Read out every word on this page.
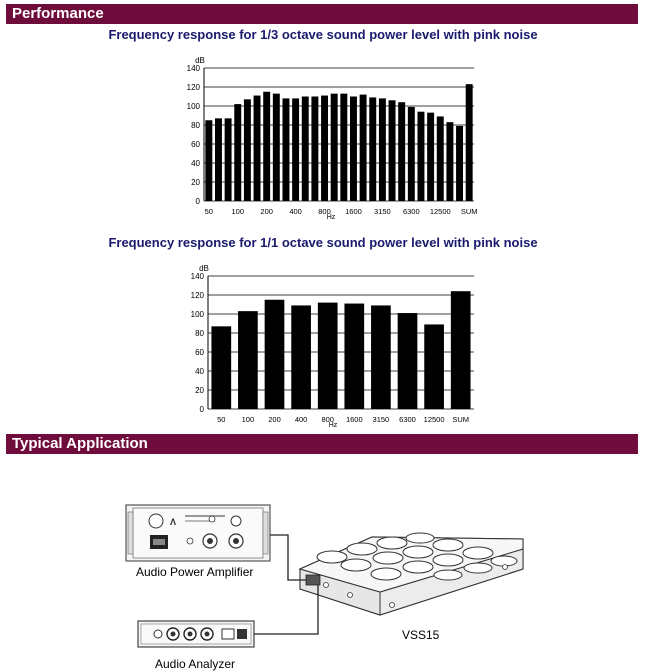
Performance
Frequency response for 1/3 octave sound power level with pink noise
0
20
40
60
80
100
120
140
dB
50 100 200 400 800 1600 3150 6300 12500 SUM
Hz
Frequency response for 1/1 octave sound power level with pink noise
0
20
40
60
80
100
120
140
dB
50 100 200 400 800 1600 3150 6300 12500 SUM
Hz
Typical Application
Λ
Audio Power Amplifier
Audio Analyzer
VSS15
